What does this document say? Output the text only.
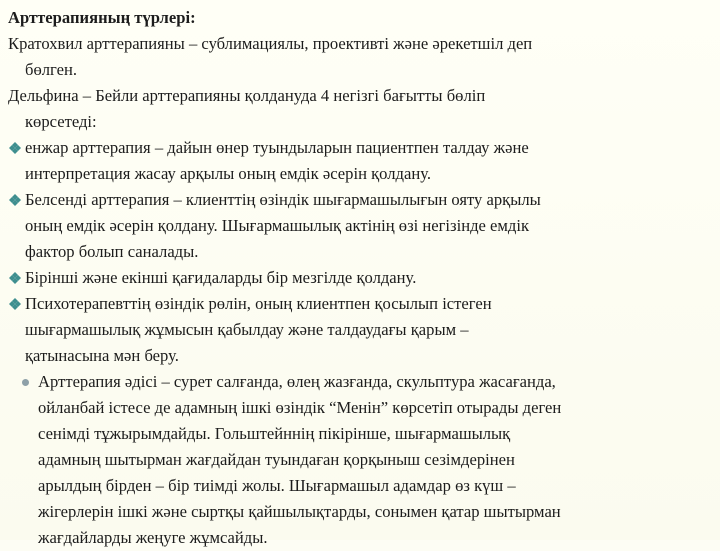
Арттерапияның түрлері:
Кратохвил арттерапияны – сублимациялы, проективті және әрекетшіл деп
бөлген.
Дельфина – Бейли арттерапияны қолдануда 4 негізгі бағытты бөліп
көрсетеді:
енжар арттерапия – дайын өнер туындыларын пациентпен талдау және
интерпретация жасау арқылы оның емдік әсерін қолдану.
Белсенді арттерапия – клиенттің өзіндік шығармашылығын ояту арқылы
оның емдік әсерін қолдану. Шығармашылық актінің өзі негізінде емдік
фактор болып саналады.
Бірінші және екінші қағидаларды бір мезгілде қолдану.
Психотерапевттің өзіндік рөлін, оның клиентпен қосылып істеген
шығармашылық жұмысын қабылдау және талдаудағы қарым –
қатынасына мән беру.
Арттерапия әдісі – сурет салғанда, өлең жазғанда, скульптура жасағанда,
ойланбай істесе де адамның ішкі өзіндік “Менін” көрсетіп отырады деген
сенімді тұжырымдайды. Гольштейннің пікірінше, шығармашылық
адамның шытырман жағдайдан туындаған қорқыныш сезімдерінен
арылдың бірден – бір тиімді жолы. Шығармашыл адамдар өз күш –
жігерлерін ішкі және сыртқы қайшылықтарды, сонымен қатар шытырман
жағдайларды жеңуге жұмсайды.
